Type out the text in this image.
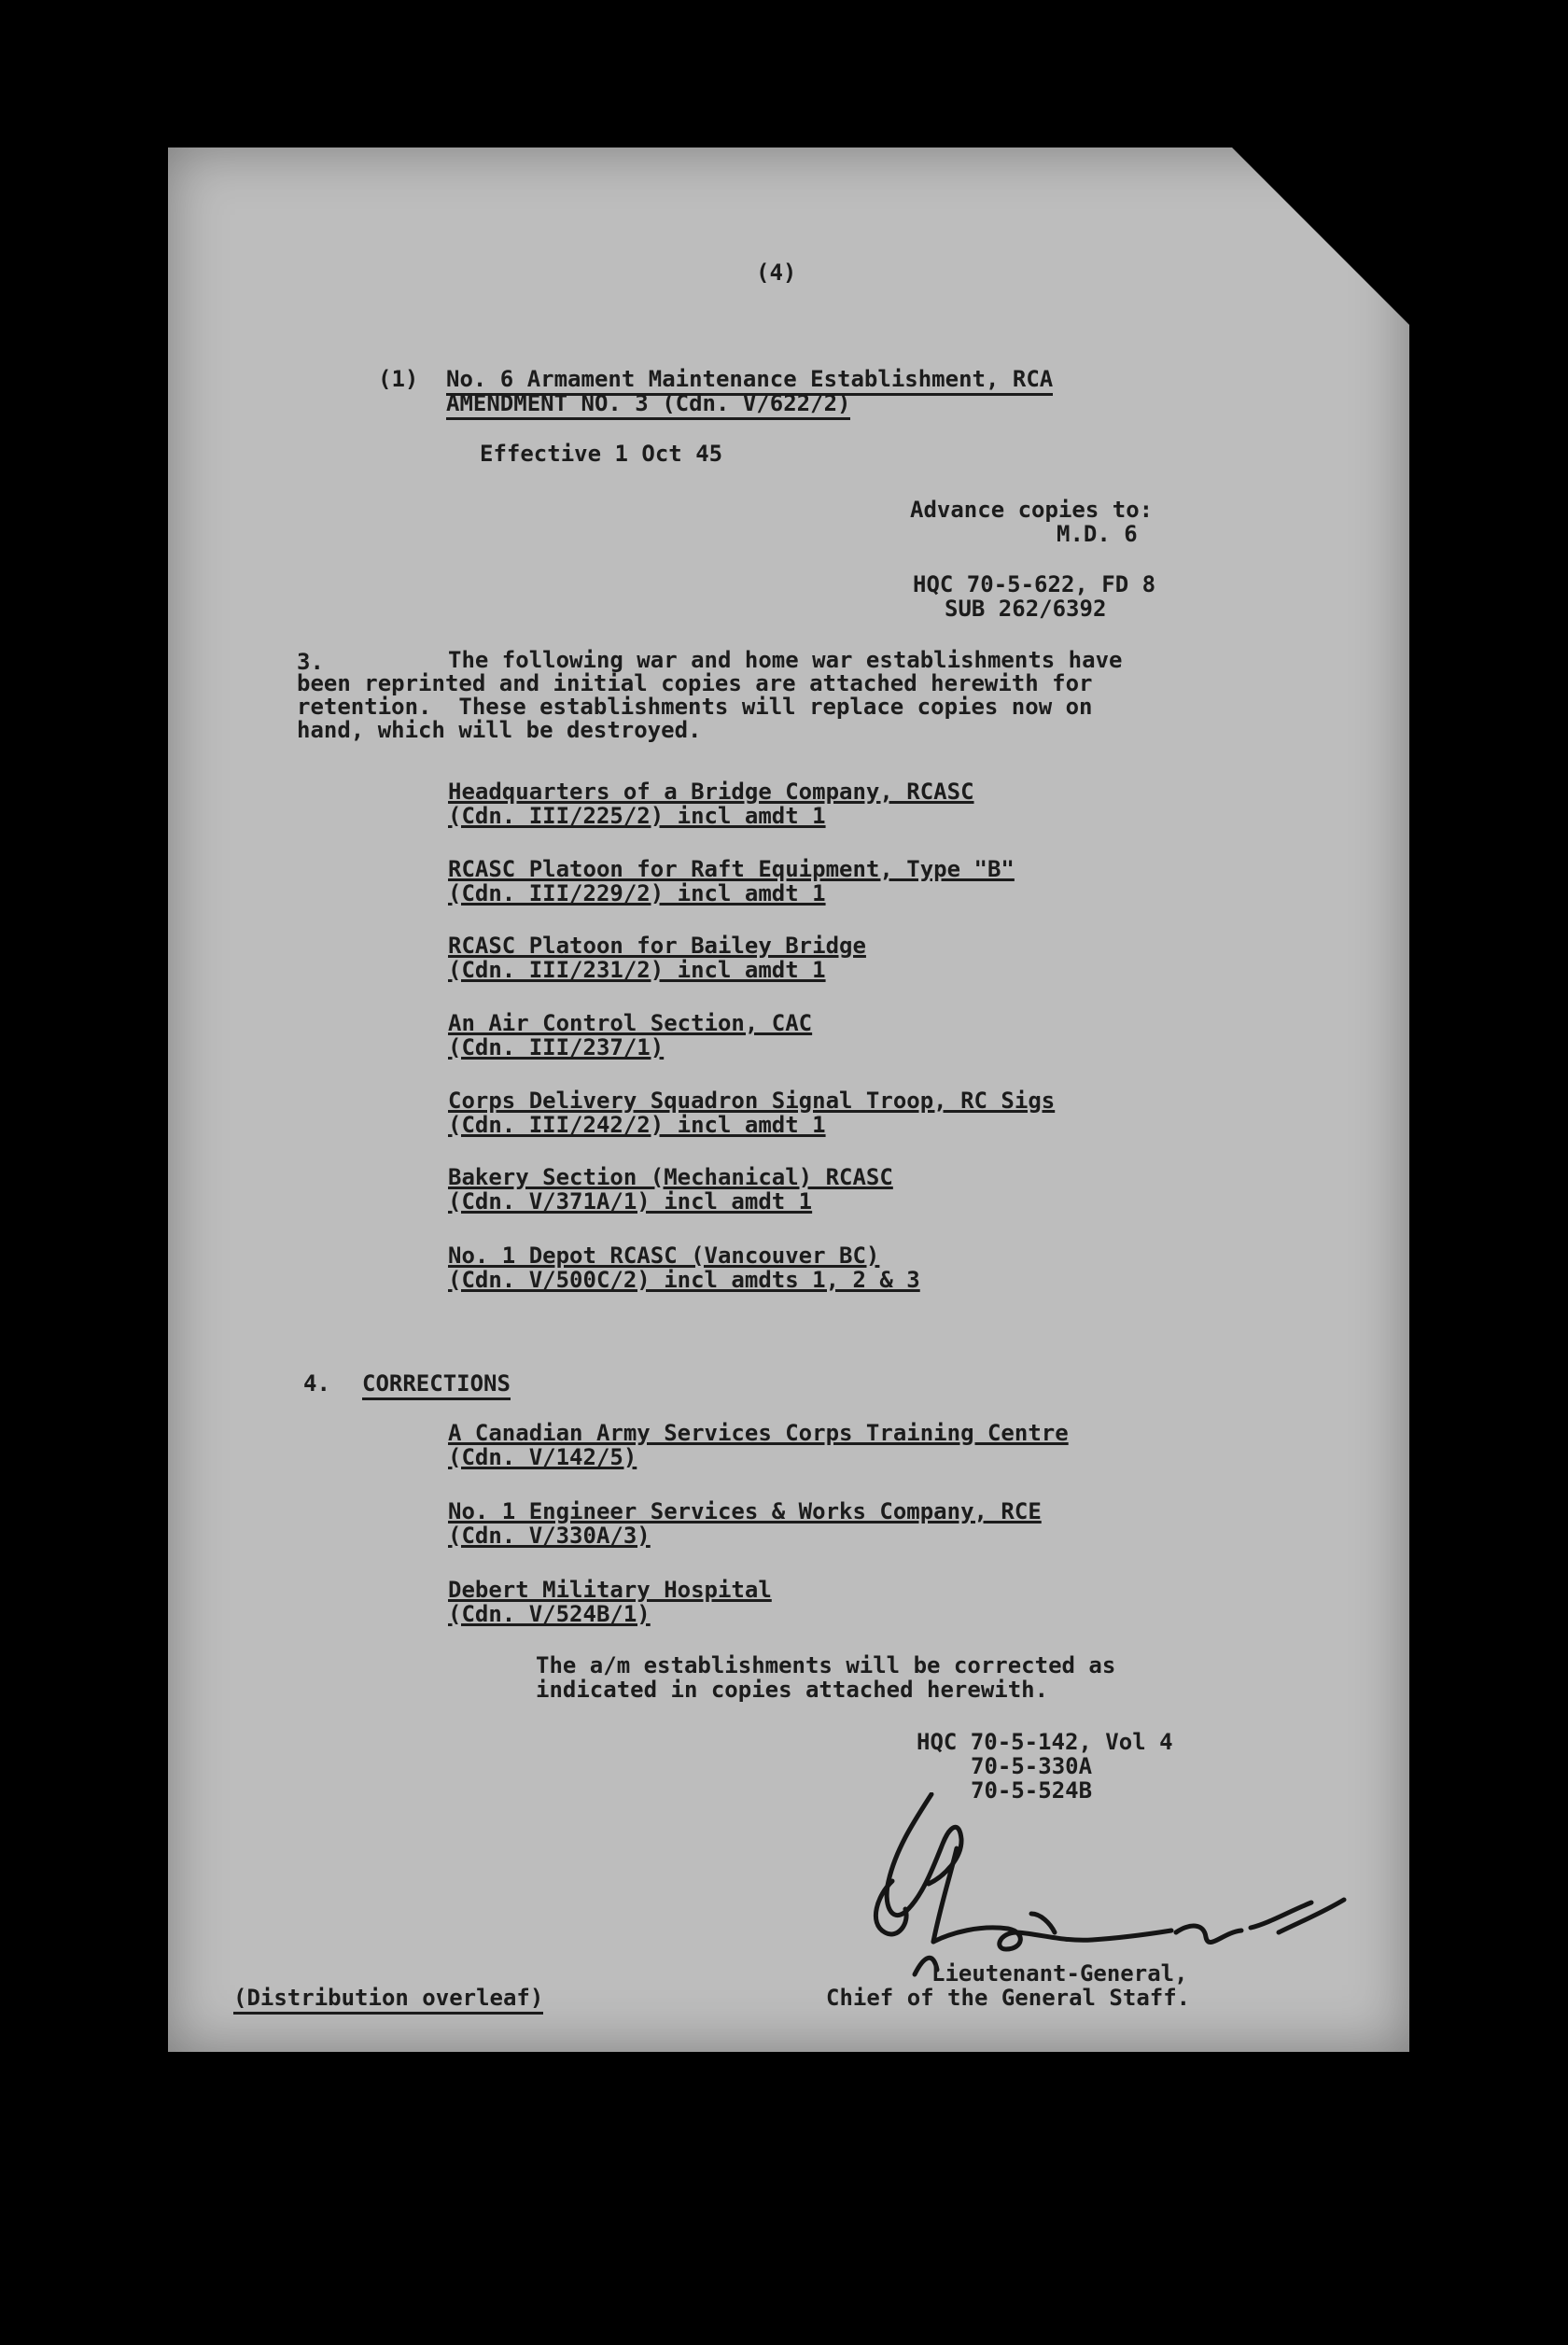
(4)
(1) No. 6 Armament Maintenance Establishment, RCA
AMENDMENT NO. 3 (Cdn. V/622/2)
Effective 1 Oct 45
Advance copies to:
M.D. 6
HQC 70-5-622, FD 8
SUB 262/6392
3.	The following war and home war establishments have
been reprinted and initial copies are attached herewith for
retention.  These establishments will replace copies now on
hand, which will be destroyed.
Headquarters of a Bridge Company, RCASC
(Cdn. III/225/2) incl amdt 1
RCASC Platoon for Raft Equipment, Type "B"
(Cdn. III/229/2) incl amdt 1
RCASC Platoon for Bailey Bridge
(Cdn. III/231/2) incl amdt 1
An Air Control Section, CAC
(Cdn. III/237/1)
Corps Delivery Squadron Signal Troop, RC Sigs
(Cdn. III/242/2) incl amdt 1
Bakery Section (Mechanical) RCASC
(Cdn. V/371A/1) incl amdt 1
No. 1 Depot RCASC (Vancouver BC)
(Cdn. V/500C/2) incl amdts 1, 2 & 3
4. CORRECTIONS
A Canadian Army Services Corps Training Centre
(Cdn. V/142/5)
No. 1 Engineer Services & Works Company, RCE
(Cdn. V/330A/3)
Debert Military Hospital
(Cdn. V/524B/1)
The a/m establishments will be corrected as
indicated in copies attached herewith.
HQC 70-5-142, Vol 4
70-5-330A
70-5-524B
Lieutenant-General,
Chief of the General Staff.
(Distribution overleaf)
